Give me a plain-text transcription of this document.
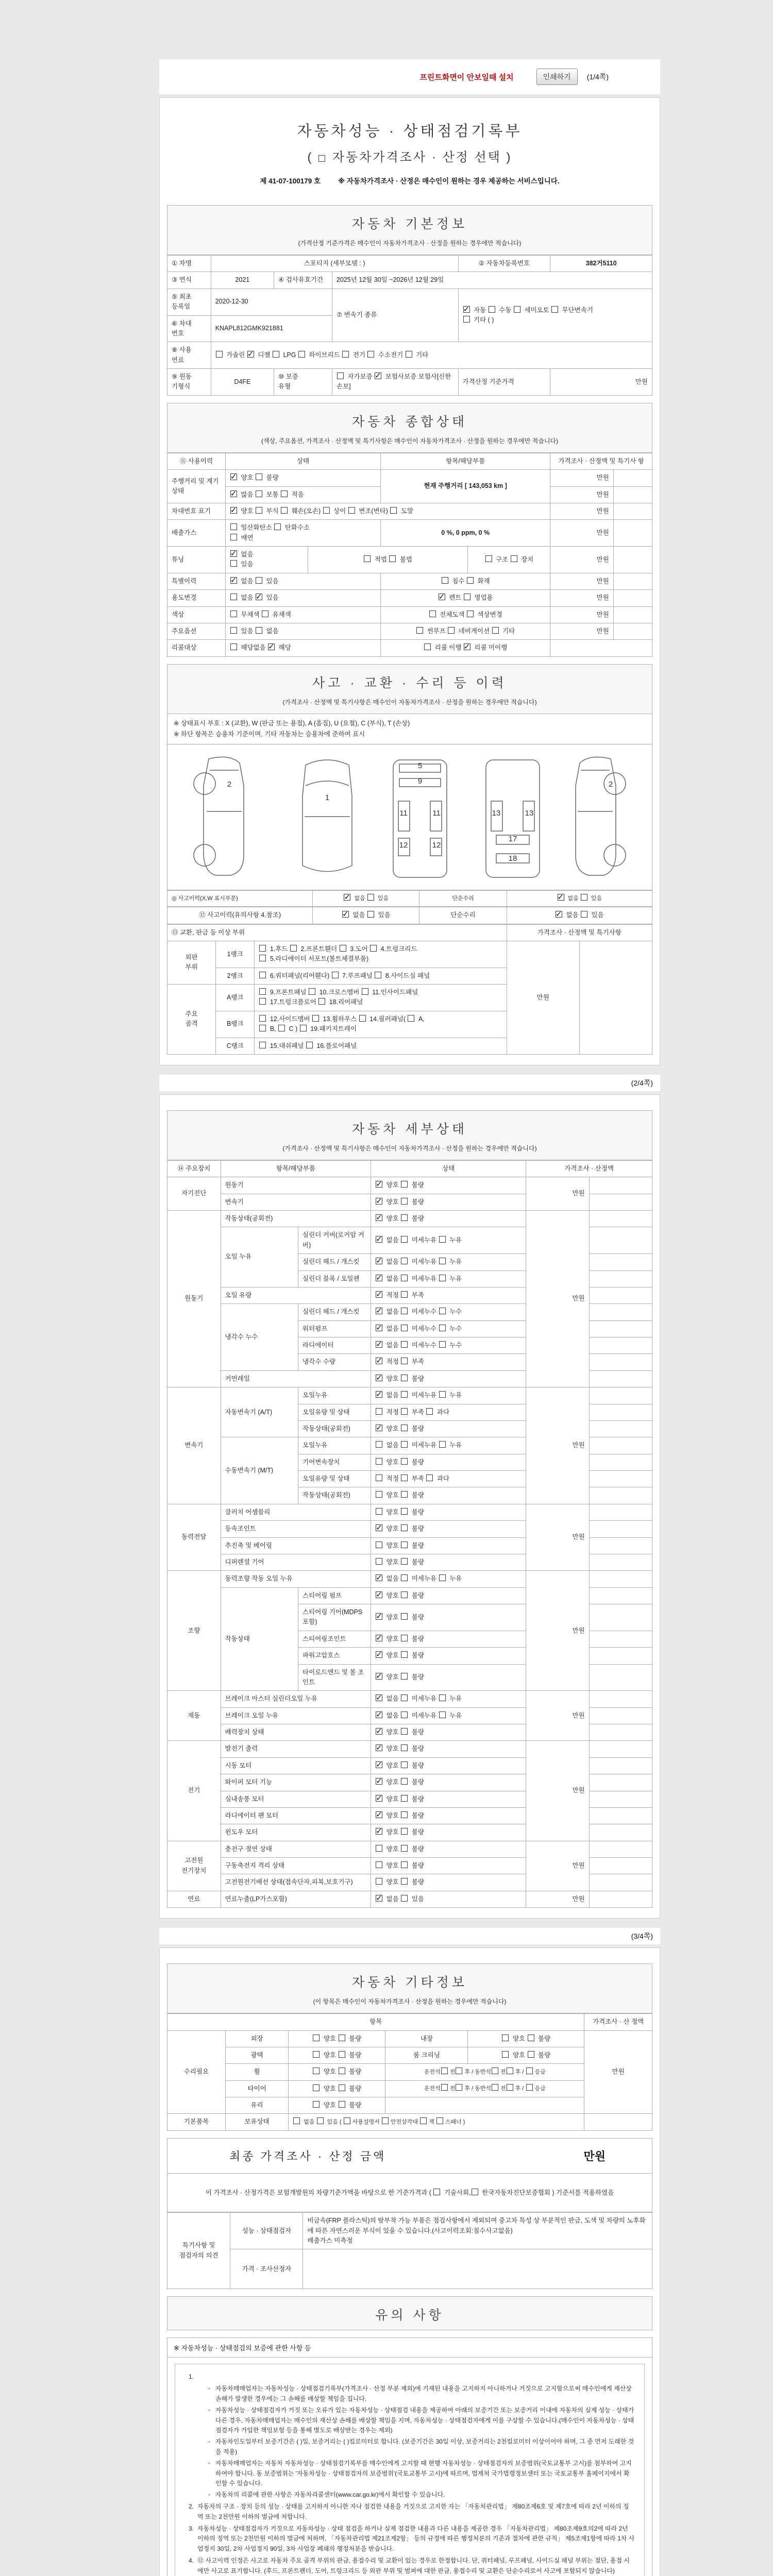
프린트화면이 안보일때 설치	인쇄하기	(1/4쪽)
자동차성능 · 상태점검기록부
(  자동차가격조사 · 산정 선택 )
제 41-07-100179 호	※ 자동차가격조사 · 산정은 매수인이 원하는 경우 제공하는 서비스입니다.
자동차 기본정보
(가격산정 기준가격은 매수인이 자동차가격조사 · 산정을 원하는 경우에만 적습니다)
① 차명	스포티지 (세부모델 : )			② 자동차등록번호	382거5110
③ 연식	2021	④ 검사유효기간	2025년 12월 30일 ~2026년 12월 29일		
⑤ 최초
등록일	2020-12-30		⑦ 변속기 종류	✓ 자동  수동  세미오토  무단변속기
기타 ( )
⑥ 차대
번호	KNAPL812GMK921881				
⑧ 사용
연료	가솔린 ✓ 디젤  LPG  하이브리드  전기  수소전기  기타
⑨ 원동
기형식	D4FE	⑩ 보증
유형	자가보증 ✓ 보험사보증 보험사[신한손보]	가격산정 기준가격	만원
자동차 종합상태
(색상, 주요옵션, 가격조사 · 산정액 및 특기사항은 매수인이 자동차가격조사 · 산정을 원하는 경우에만 적습니다)
⑪ 사용이력	상태		항목/해당부품		가격조사 · 산정액 및 특기사 항	
주행거리 및 계기상태	✓ 양호  불량		현재 주행거리 [ 143,053 km ]		만원	
✓ 많음  보통  적음				만원	
차대번호 표기	✓ 양호  부식  훼손(오손)  상이  변조(변타)  도말				만원	
배출가스	일산화탄소  탄화수소
매연		0 %, 0 ppm, 0 %		만원	
튜닝	✓ 없음
있음	적법  불법		구조  장치	만원	
특별이력	✓ 없음  있음		침수  화재		만원	
용도변경	없음 ✓ 있음	✓ 렌트  영업용		만원	
색상	무채색  유채색		전체도색  색상변경		만원	
주요옵션	있음  없음		썬루프  네비게이션  기타		만원	
리콜대상	해당없음 ✓ 해당		리콜 이행 ✓ 리콜 미이행	
사고 · 교환 · 수리 등 이력
(가격조사 · 산정액 및 특기사항은 매수인이 자동차가격조사 · 산정을 원하는 경우에만 적습니다)
※ 상태표시 부호 : X (교환), W (판금 또는 용접), A (흠집), U (요철), C (부식), T (손상)
※ 하단 항목은 승용차 기준이며, 기타 자동차는 승용차에 준하여 표시
2
1
5
9
11	11
12	12
13	13
17
18
2
◎ 사고이력(X,W 표시부분)	✓ 없음  있음	단순수리	✓ 없음  있음
⑫ 사고이력(유의사항 4.참조)	✓ 없음  있음	단순수리	✓ 없음  있음
⑬ 교환, 판금 등 이상 부위			가격조사 · 산정액 및 특기사항	
외판
부위	1랭크	1.후드  2.프론트휀더  3.도어  4.트렁크리드
5.라디에이터 서포트(볼트체결부품)	만원	
	2랭크	6.쿼터패널(리어휀다)  7.루프패널  8.사이드실 패널		
주요
골격	A랭크	9.프론트패널  10.크로스멤버  11.인사이드패널
17.트렁크플로어  18.리어패널		
	B랭크	12.사이드멤버  13.휠하우스  14.필러패널(  A,
B,  C )  19.패키지트레이		
	C랭크	15.대쉬패널  16.플로어패널		
(2/4쪽)
자동차 세부상태
(가격조사 · 산정액 및 특기사항은 매수인이 자동차가격조사 · 산정을 원하는 경우에만 적습니다)
⑭ 주요장치	항목/해당부품		상태	가격조사 · 산정액	
자기진단	원동기	✓ 양호  불량	만원	
	변속기	✓ 양호  불량	
원동기	작동상태(공회전)	✓ 양호  불량	만원	
	오일 누유	실린더 커버(로커암 커버)	✓ 없음  미세누유  누유	
		실린더 헤드 / 개스킷	✓ 없음  미세누유  누유	
		실린더 블록 / 오일팬	✓ 없음  미세누유  누유	
	오일 유량	✓ 적정  부족	
	냉각수 누수	실린더 헤드 / 개스킷	✓ 없음  미세누수  누수	
		워터펌프	✓ 없음  미세누수  누수	
		라디에이터	✓ 없음  미세누수  누수	
		냉각수 수량	✓ 적정  부족	
	커먼레일	✓ 양호  불량	
변속기	자동변속기 (A/T)	오일누유	✓ 없음  미세누유  누유	만원	
		오일유량 및 상태	적정  부족  과다		
		작동상태(공회전)	✓ 양호  불량	
	수동변속기 (M/T)	오일누유	없음  미세누유  누유		
		기어변속장치	양호  불량		
		오일유량 및 상태	적정  부족  과다		
		작동상태(공회전)	양호  불량		
동력전달	클러치 어셈블리		양호  불량	만원	
	등속조인트	✓ 양호  불량	
	추진축 및 베어링		양호  불량		
	디퍼렌셜 기어		양호  불량		
조향	동력조향 작동 오일 누유	✓ 없음  미세누유  누유	만원	
	작동상태	스티어링 펌프	✓ 양호  불량	
		스티어링 기어(MDPS포함)	✓ 양호  불량	
		스티어링조인트	✓ 양호  불량	
		파워고압호스	✓ 양호  불량	
		타이로드엔드 및 볼 조인트	✓ 양호  불량	
제동	브레이크 마스터 실린더오일 누유	✓ 없음  미세누유  누유	만원	
	브레이크 오일 누유	✓ 없음  미세누유  누유	
	배력장치 상태	✓ 양호  불량	
전기	발전기 출력	✓ 양호  불량	만원	
	시동 모터	✓ 양호  불량	
	와이퍼 모터 기능	✓ 양호  불량	
	실내송풍 모터	✓ 양호  불량	
	라디에이터 팬 모터	✓ 양호  불량	
	윈도우 모터	✓ 양호  불량	
고전원
전기장치	충전구 절연 상태		양호  불량	만원	
	구동축전지 격리 상태		양호  불량		
	고전원전기배선 상태(접속단자,피복,보호기구)		양호  불량		
연료	연료누출(LP가스포함)	✓ 없음  있음	만원	
(3/4쪽)
자동차 기타정보
(이 항목은 매수인이 자동차가격조사 · 산정을 원하는 경우에만 적습니다)
항목					가격조사 · 산 정액
수리필요	외장	양호  불량	내장	양호  불량	만원
	광택	양호  불량	룸 크리닝	양호  불량	
	휠	양호  불량	운전석 전 후 / 동반석 전 후 / 응급		
	타이어	양호  불량	운전석 전 후 / 동반석 전 후 / 응급		
	유리	양호  불량			
기본품목	보유상태	없음  있음 ( 사용설명서 안전삼각대 잭 스패너 )			
최종 가격조사 · 산정 금액	만원
이 가격조사 · 산정가격은 보험개발원의 차량기준가액을 바탕으로 한 기준가격과 (  기술사회, 한국자동차진단보증협회 ) 기준서를 적용하였음
특기사항 및
점검자의 의견	성능 · 상태점검자	비금속(FRP 플라스틱)의 탈부착 가능 부품은 점검사항에서 제외되며 중고차 특성 상 부분적인 판금, 도색 및 차량의 노후화에 따른 자연스러운 부식이 있을 수 있습니다.(사고이력조회:침수사고없음)
배출가스 미측정
	가격 · 조사산정자	
유의 사항
※ 자동차성능 · 상태점검의 보증에 관한 사항 등
1.
◦ 자동차매매업자는 자동차성능 · 상태점검기록부(가격조사 · 산정 부분 제외)에 기재된 내용을 고지하지 아니하거나 거짓으로 고지함으로써 매수인에게 재산상 손해가 발생한 경우에는 그 손해를 배상할 책임을 집니다.
◦ 자동차성능 · 상태점검자가 거짓 또는 오류가 있는 자동차성능 · 상태점검 내용을 제공하여 아래의 보증기간 또는 보증거리 이내에 자동차의 실제 성능 · 상태가 다른 경우, 자동차매매업자는 매수인의 재산상 손해를 배상할 책임을 지며, 자동차성능 · 상태점검자에게 이를 구상할 수 있습니다.(매수인이 자동차성능 · 상태점검자가 가입한 책임보험 등을 통해 별도로 배상받는 경우는 제외)
◦ 자동차인도일부터 보증기간은 ( )일, 보증거리는 ( )킬로미터로 합니다. (보증기간은 30일 이상, 보증거리는 2천킬로미터 이상이어야 하며, 그 중 먼저 도래한 것을 적용)
◦ 자동차매매업자는 자동차 자동차성능 · 상태점검기록부를 매수인에게 고지할 때 현행 자동차성능 · 상태점검자의 보증범위(국토교통부 고시)를 첨부하여 고지하여야 합니다. 동 보증범위는 '자동차성능 · 상태점검자의 보증범위'(국토교통부 고시)에 따르며, 법제처 국가법령정보센터 또는 국토교통부 홈페이지에서 확인할 수 있습니다.
◦ 자동차의 리콜에 관한 사항은 자동차리콜센터(www.car.go.kr)에서 확인할 수 있습니다.
2. 자동차의 구조 · 장치 등의 성능 · 상태를 고지하지 아니한 자나 점검한 내용을 거짓으로 고지한 자는 「자동차관리법」 제80조제6호 및 제7호에 따라 2년 이하의 징역 또는 2천만원 이하의 벌금에 처합니다.
3. 자동차성능 · 상태점검자가 거짓으로 자동차성능 · 상태 점검을 하거나 실제 점검한 내용과 다른 내용을 제공한 경우 「자동차관리법」 제80조제9호의2에 따라 2년 이하의 징역 또는 2천만원 이하의 벌금에 처하며, 「자동차관리법 제21조제2항」 등의 규정에 따른 행정처분의 기준과 절차에 관한 규칙」 제5조제1항에 따라 1차 사업정지 30일, 2차 사업정지 90일, 3차 사업장 폐쇄의 행정처분을 받습니다.
4. ⑫ 사고이력 인정은 사고로 자동차 주요 골격 부위의 판금, 용접수리 및 교환이 있는 경우로 한정합니다. 단, 쿼터패널, 루프패널, 사이드실 패널 부위는 절단, 용접 시에만 사고로 표기합니다. (후드, 프론트펜더, 도어, 트렁크리드 등 외판 부위 및 범퍼에 대한 판금, 용접수리 및 교환은 단순수리로서 사고에 포함되지 않습니다)
